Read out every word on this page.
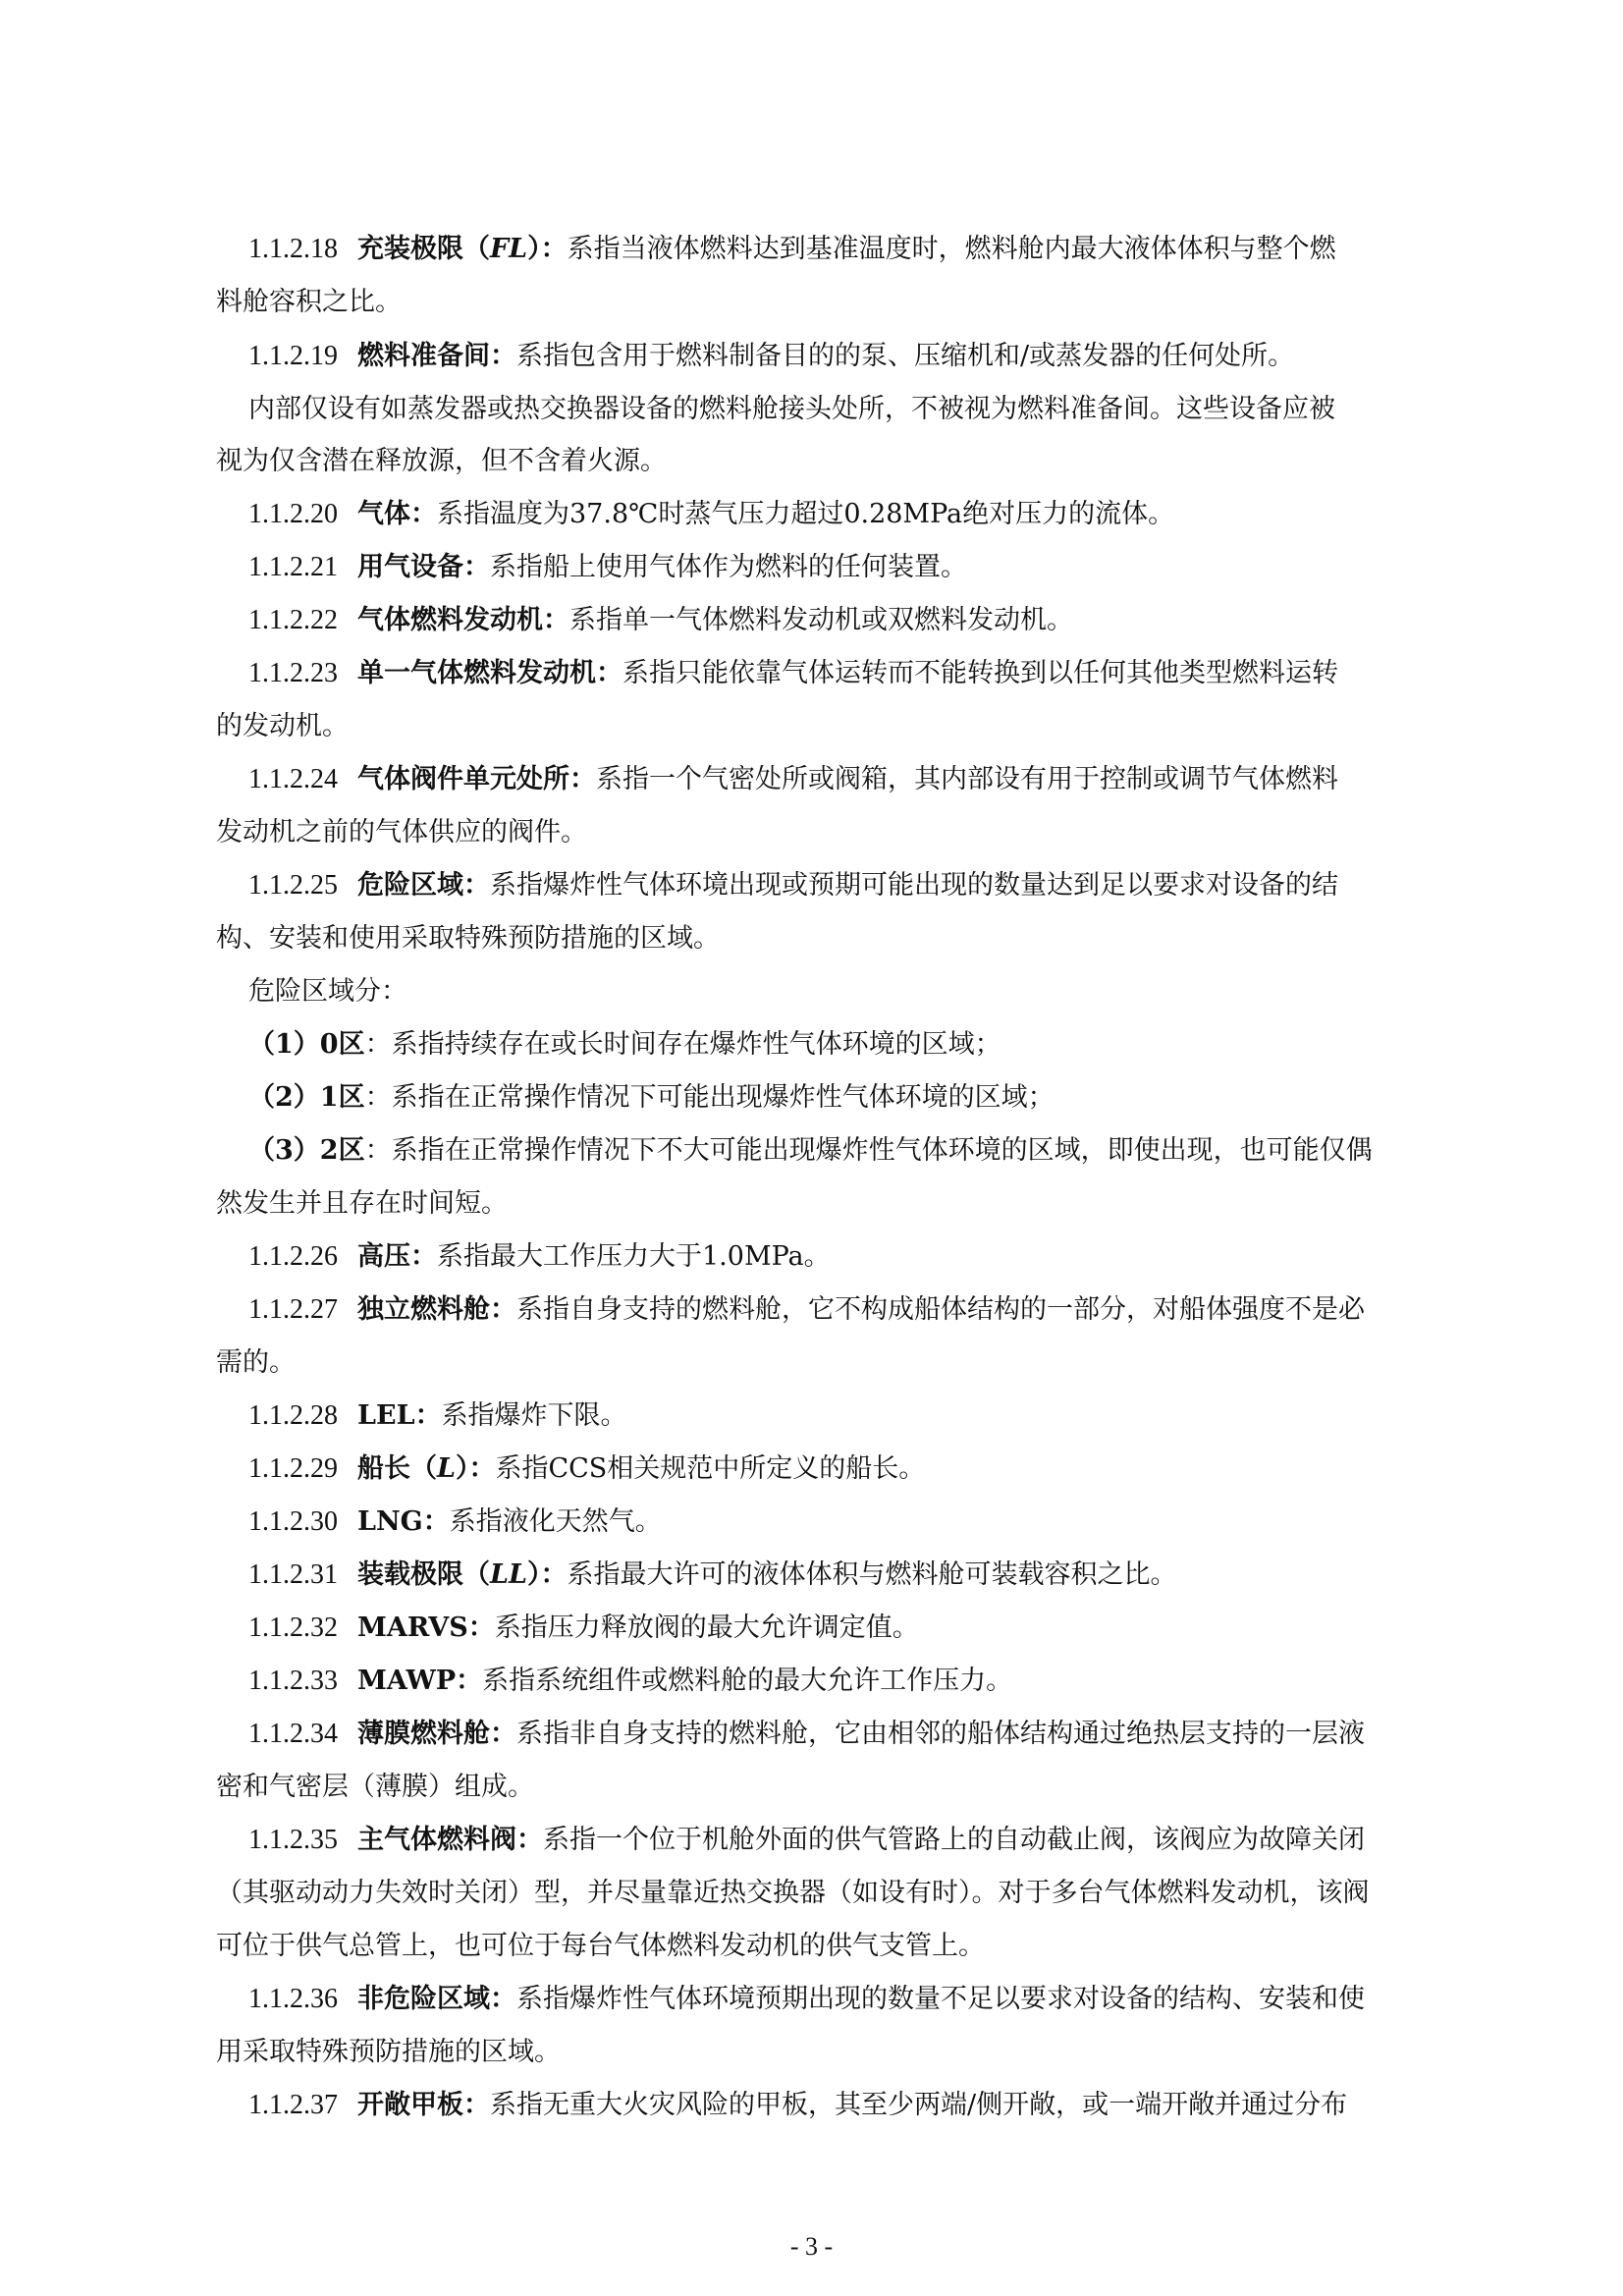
1.1.2.18 充装极限（FL）：系指当液体燃料达到基准温度时，燃料舱内最大液体体积与整个燃
料舱容积之比。
1.1.2.19 燃料准备间：系指包含用于燃料制备目的的泵、压缩机和/或蒸发器的任何处所。
内部仅设有如蒸发器或热交换器设备的燃料舱接头处所，不被视为燃料准备间。这些设备应被
视为仅含潜在释放源，但不含着火源。
1.1.2.20 气体：系指温度为37.8℃时蒸气压力超过0.28MPa绝对压力的流体。
1.1.2.21 用气设备：系指船上使用气体作为燃料的任何装置。
1.1.2.22 气体燃料发动机：系指单一气体燃料发动机或双燃料发动机。
1.1.2.23 单一气体燃料发动机：系指只能依靠气体运转而不能转换到以任何其他类型燃料运转
的发动机。
1.1.2.24 气体阀件单元处所：系指一个气密处所或阀箱，其内部设有用于控制或调节气体燃料
发动机之前的气体供应的阀件。
1.1.2.25 危险区域：系指爆炸性气体环境出现或预期可能出现的数量达到足以要求对设备的结
构、安装和使用采取特殊预防措施的区域。
危险区域分：
（1）0区：系指持续存在或长时间存在爆炸性气体环境的区域；
（2）1区：系指在正常操作情况下可能出现爆炸性气体环境的区域；
（3）2区：系指在正常操作情况下不大可能出现爆炸性气体环境的区域，即使出现，也可能仅偶
然发生并且存在时间短。
1.1.2.26 高压：系指最大工作压力大于1.0MPa。
1.1.2.27 独立燃料舱：系指自身支持的燃料舱，它不构成船体结构的一部分，对船体强度不是必
需的。
1.1.2.28 LEL：系指爆炸下限。
1.1.2.29 船长（L）：系指CCS相关规范中所定义的船长。
1.1.2.30 LNG：系指液化天然气。
1.1.2.31 装载极限（LL）：系指最大许可的液体体积与燃料舱可装载容积之比。
1.1.2.32 MARVS：系指压力释放阀的最大允许调定值。
1.1.2.33 MAWP：系指系统组件或燃料舱的最大允许工作压力。
1.1.2.34 薄膜燃料舱：系指非自身支持的燃料舱，它由相邻的船体结构通过绝热层支持的一层液
密和气密层（薄膜）组成。
1.1.2.35 主气体燃料阀：系指一个位于机舱外面的供气管路上的自动截止阀，该阀应为故障关闭
（其驱动动力失效时关闭）型，并尽量靠近热交换器（如设有时）。对于多台气体燃料发动机，该阀
可位于供气总管上，也可位于每台气体燃料发动机的供气支管上。
1.1.2.36 非危险区域：系指爆炸性气体环境预期出现的数量不足以要求对设备的结构、安装和使
用采取特殊预防措施的区域。
1.1.2.37 开敞甲板：系指无重大火灾风险的甲板，其至少两端/侧开敞，或一端开敞并通过分布
- 3 -
